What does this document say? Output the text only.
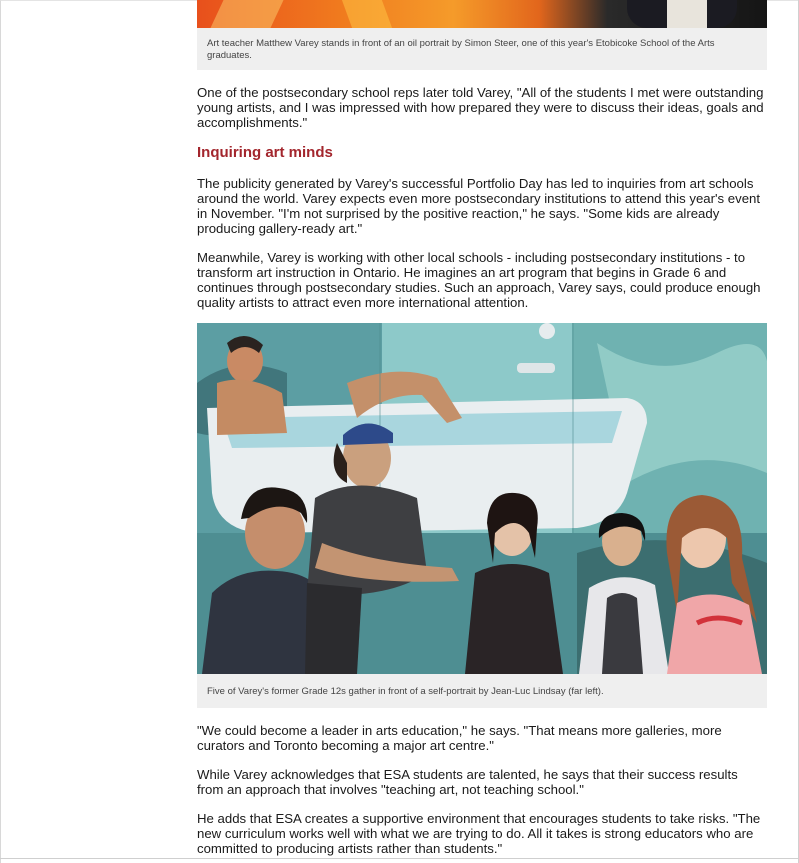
Art teacher Matthew Varey stands in front of an oil portrait by Simon Steer, one of this year's Etobicoke School of the Arts graduates.

One of the postsecondary school reps later told Varey, "All of the students I met were outstanding young artists, and I was impressed with how prepared they were to discuss their ideas, goals and accomplishments."

Inquiring art minds

The publicity generated by Varey's successful Portfolio Day has led to inquiries from art schools around the world. Varey expects even more postsecondary institutions to attend this year's event in November. "I'm not surprised by the positive reaction," he says. "Some kids are already producing gallery-ready art."

Meanwhile, Varey is working with other local schools - including postsecondary institutions - to transform art instruction in Ontario. He imagines an art program that begins in Grade 6 and continues through postsecondary studies. Such an approach, Varey says, could produce enough quality artists to attract even more international attention.

Five of Varey's former Grade 12s gather in front of a self-portrait by Jean-Luc Lindsay (far left).

"We could become a leader in arts education," he says. "That means more galleries, more curators and Toronto becoming a major art centre."

While Varey acknowledges that ESA students are talented, he says that their success results from an approach that involves "teaching art, not teaching school."

He adds that ESA creates a supportive environment that encourages students to take risks. "The new curriculum works well with what we are trying to do. All it takes is strong educators who are committed to producing artists rather than students."
